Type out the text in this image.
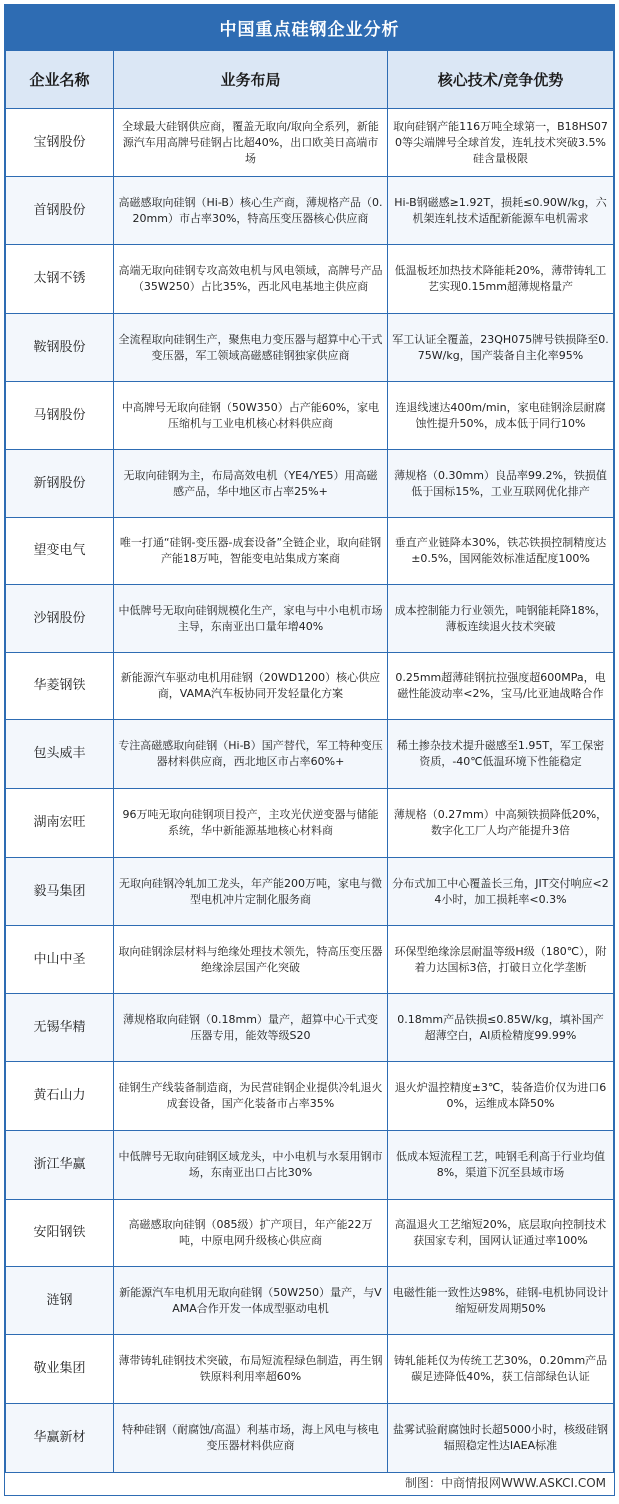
中国重点硅钢企业分析
企业名称	业务布局	核心技术/竞争优势
宝钢股份	全球最大硅钢供应商，覆盖无取向/取向全系列，新能源汽车用高牌号硅钢占比超40%，出口欧美日高端市场	取向硅钢产能116万吨全球第一，B18HS070等尖端牌号全球首发，连轧技术突破3.5%硅含量极限
首钢股份	高磁感取向硅钢（Hi-B）核心生产商，薄规格产品（0.20mm）市占率30%，特高压变压器核心供应商	Hi-B钢磁感≥1.92T，损耗≤0.90W/kg，六机架连轧技术适配新能源车电机需求
太钢不锈	高端无取向硅钢专攻高效电机与风电领域，高牌号产品（35W250）占比35%，西北风电基地主供应商	低温板坯加热技术降能耗20%，薄带铸轧工艺实现0.15mm超薄规格量产
鞍钢股份	全流程取向硅钢生产，聚焦电力变压器与超算中心干式变压器，军工领域高磁感硅钢独家供应商	军工认证全覆盖，23QH075牌号铁损降至0.75W/kg，国产装备自主化率95%
马钢股份	中高牌号无取向硅钢（50W350）占产能60%，家电压缩机与工业电机核心材料供应商	连退线速达400m/min，家电硅钢涂层耐腐蚀性提升50%，成本低于同行10%
新钢股份	无取向硅钢为主，布局高效电机（YE4/YE5）用高磁感产品，华中地区市占率25%+	薄规格（0.30mm）良品率99.2%，铁损值低于国标15%，工业互联网优化排产
望变电气	唯一打通“硅钢-变压器-成套设备”全链企业，取向硅钢产能18万吨，智能变电站集成方案商	垂直产业链降本30%，铁芯铁损控制精度达±0.5%，国网能效标准适配度100%
沙钢股份	中低牌号无取向硅钢规模化生产，家电与中小电机市场主导，东南亚出口量年增40%	成本控制能力行业领先，吨钢能耗降18%，薄板连续退火技术突破
华菱钢铁	新能源汽车驱动电机用硅钢（20WD1200）核心供应商，VAMA汽车板协同开发轻量化方案	0.25mm超薄硅钢抗拉强度超600MPa，电磁性能波动率<2%，宝马/比亚迪战略合作
包头威丰	专注高磁感取向硅钢（Hi-B）国产替代，军工特种变压器材料供应商，西北地区市占率60%+	稀土掺杂技术提升磁感至1.95T，军工保密资质，-40℃低温环境下性能稳定
湖南宏旺	96万吨无取向硅钢项目投产，主攻光伏逆变器与储能系统，华中新能源基地核心材料商	薄规格（0.27mm）中高频铁损降低20%，数字化工厂人均产能提升3倍
毅马集团	无取向硅钢冷轧加工龙头，年产能200万吨，家电与微型电机冲片定制化服务商	分布式加工中心覆盖长三角，JIT交付响应<24小时，加工损耗率<0.3%
中山中圣	取向硅钢涂层材料与绝缘处理技术领先，特高压变压器绝缘涂层国产化突破	环保型绝缘涂层耐温等级H级（180℃），附着力达国标3倍，打破日立化学垄断
无锡华精	薄规格取向硅钢（0.18mm）量产，超算中心干式变压器专用，能效等级S20	0.18mm产品铁损≤0.85W/kg，填补国产超薄空白，AI质检精度99.99%
黄石山力	硅钢生产线装备制造商，为民营硅钢企业提供冷轧退火成套设备，国产化装备市占率35%	退火炉温控精度±3℃，装备造价仅为进口60%，运维成本降50%
浙江华赢	中低牌号无取向硅钢区域龙头，中小电机与水泵用钢市场，东南亚出口占比30%	低成本短流程工艺，吨钢毛利高于行业均值8%，渠道下沉至县域市场
安阳钢铁	高磁感取向硅钢（085级）扩产项目，年产能22万吨，中原电网升级核心供应商	高温退火工艺缩短20%，底层取向控制技术获国家专利，国网认证通过率100%
涟钢	新能源汽车电机用无取向硅钢（50W250）量产，与VAMA合作开发一体成型驱动电机	电磁性能一致性达98%，硅钢-电机协同设计缩短研发周期50%
敬业集团	薄带铸轧硅钢技术突破，布局短流程绿色制造，再生钢铁原料利用率超60%	铸轧能耗仅为传统工艺30%，0.20mm产品碳足迹降低40%，获工信部绿色认证
华赢新材	特种硅钢（耐腐蚀/高温）利基市场，海上风电与核电变压器材料供应商	盐雾试验耐腐蚀时长超5000小时，核级硅钢辐照稳定性达IAEA标准
制图：中商情报网WWW.ASKCI.COM
